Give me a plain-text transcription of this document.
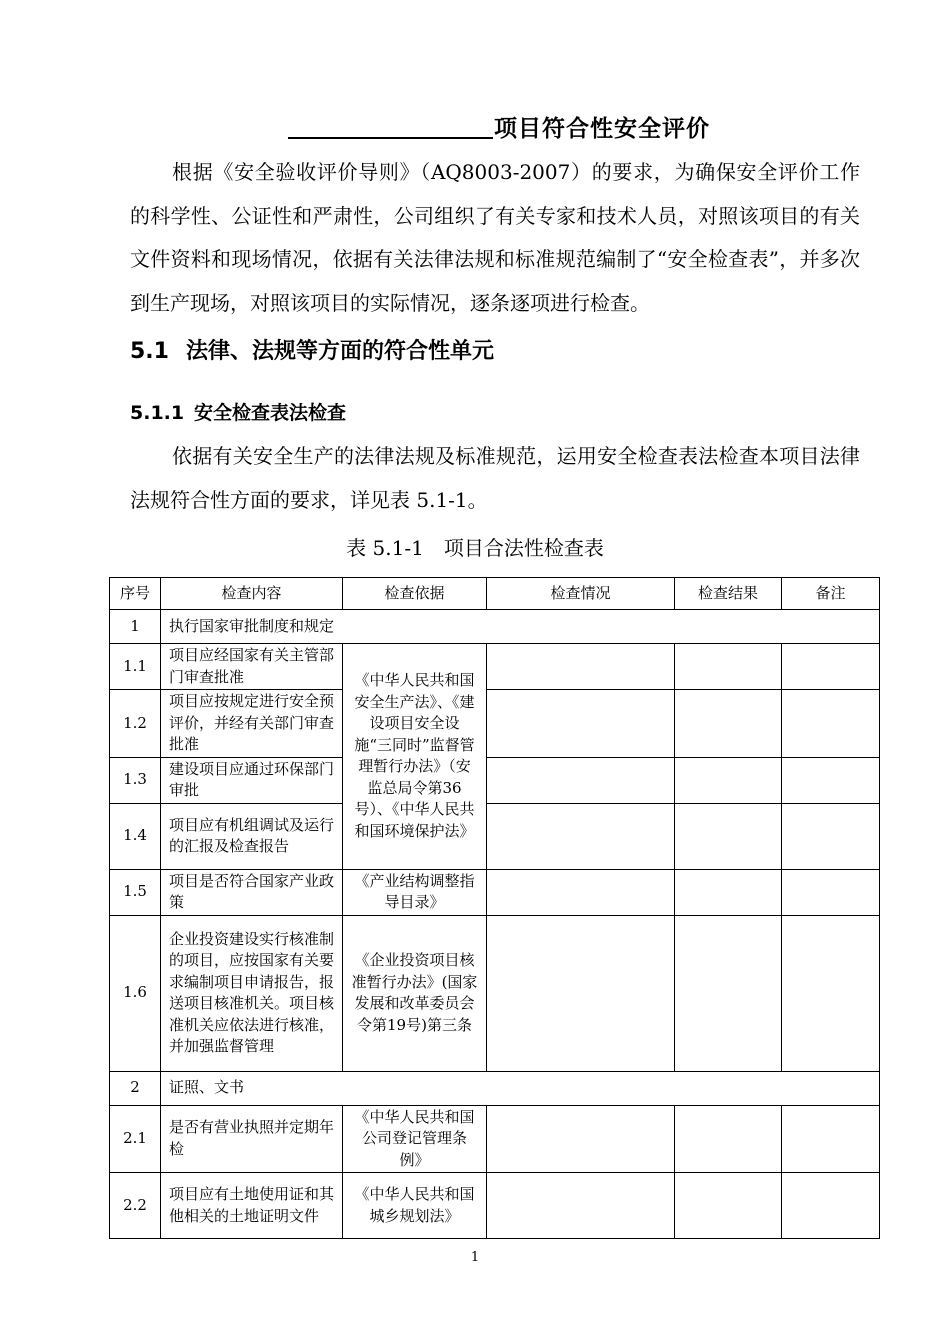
项目符合性安全评价

根据《安全验收评价导则》（AQ8003-2007）的要求，为确保安全评价工作的科学性、公证性和严肃性，公司组织了有关专家和技术人员，对照该项目的有关文件资料和现场情况，依据有关法律法规和标准规范编制了“安全检查表”，并多次到生产现场，对照该项目的实际情况，逐条逐项进行检查。

5.1 法律、法规等方面的符合性单元
5.1.1 安全检查表法检查

依据有关安全生产的法律法规及标准规范，运用安全检查表法检查本项目法律法规符合性方面的要求，详见表 5.1-1。

表 5.1-1　项目合法性检查表
序号	检查内容	检查依据	检查情况	检查结果	备注
1	执行国家审批制度和规定				
1.1	项目应经国家有关主管部门审查批准	《中华人民共和国安全生产法》、《建设项目安全设施“三同时”监督管理暂行办法》（安监总局令第36号）、《中华人民共和国环境保护法》			
1.2	项目应按规定进行安全预评价，并经有关部门审查批准				
1.3	建设项目应通过环保部门审批				
1.4	项目应有机组调试及运行的汇报及检查报告				
1.5	项目是否符合国家产业政策	《产业结构调整指导目录》			
1.6	企业投资建设实行核准制的项目，应按国家有关要求编制项目申请报告，报送项目核准机关。项目核准机关应依法进行核准，并加强监督管理	《企业投资项目核准暂行办法》(国家发展和改革委员会令第19号)第三条			
2	证照、文书				
2.1	是否有营业执照并定期年检	《中华人民共和国公司登记管理条例》			
2.2	项目应有土地使用证和其他相关的土地证明文件	《中华人民共和国城乡规划法》			
1
